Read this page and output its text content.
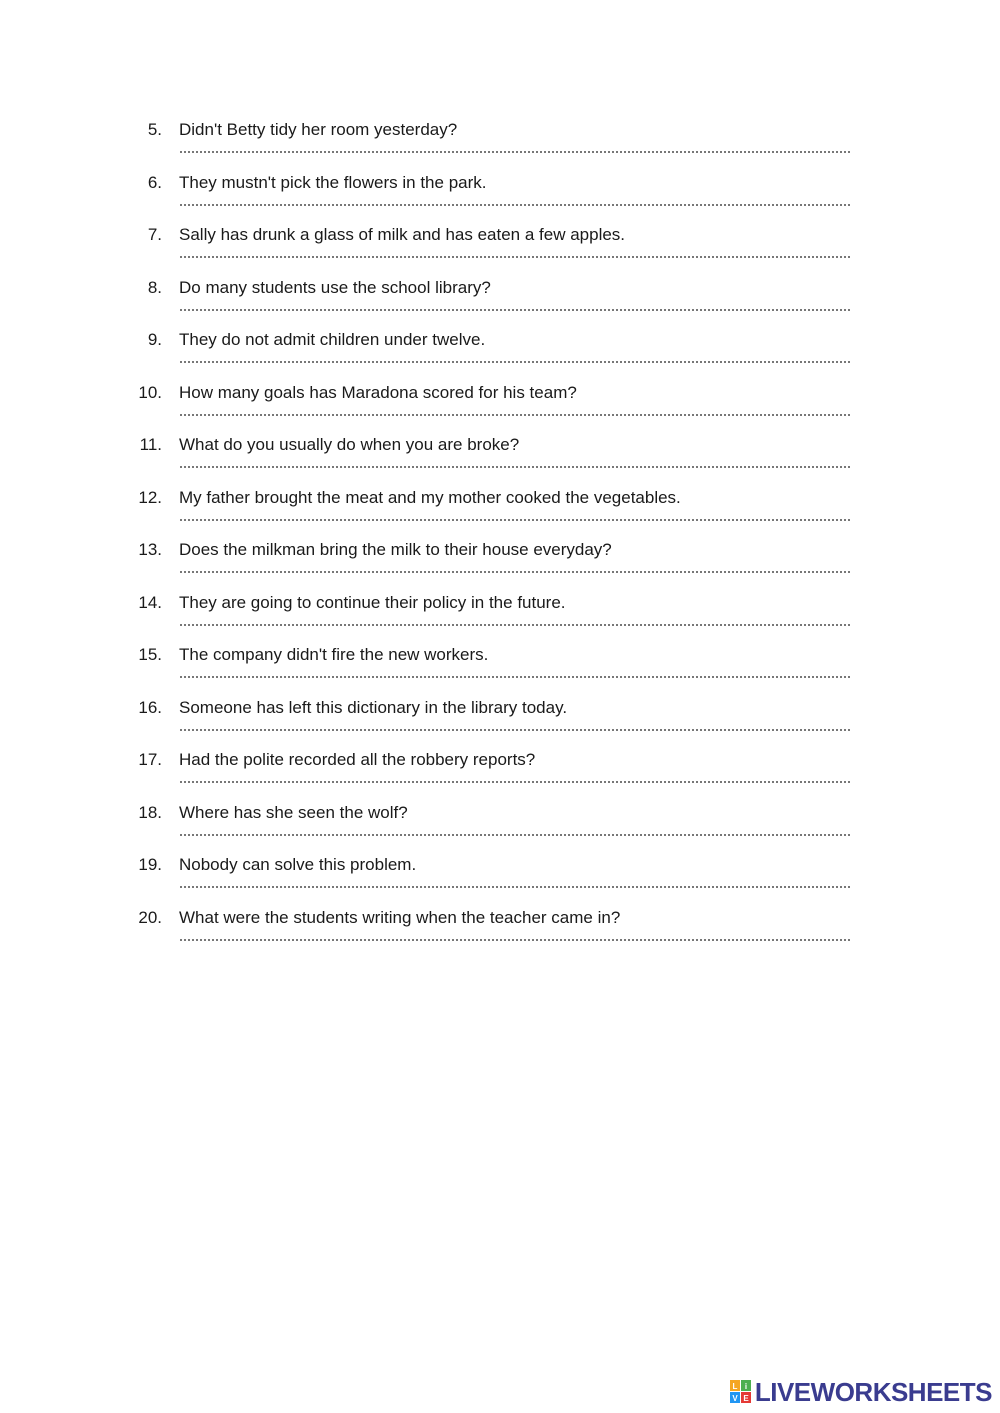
5. Didn't Betty tidy her room yesterday?
6. They mustn't pick the flowers in the park.
7. Sally has drunk a glass of milk and has eaten a few apples.
8. Do many students use the school library?
9. They do not admit children under twelve.
10. How many goals has Maradona scored for his team?
11. What do you usually do when you are broke?
12. My father brought the meat and my mother cooked the vegetables.
13. Does the milkman bring the milk to their house everyday?
14. They are going to continue their policy in the future.
15. The company didn't fire the new workers.
16. Someone has left this dictionary in the library today.
17. Had the polite recorded all the robbery reports?
18. Where has she seen the wolf?
19. Nobody can solve this problem.
20. What were the students writing when the teacher came in?
L i
V E LIVEWORKSHEETS
